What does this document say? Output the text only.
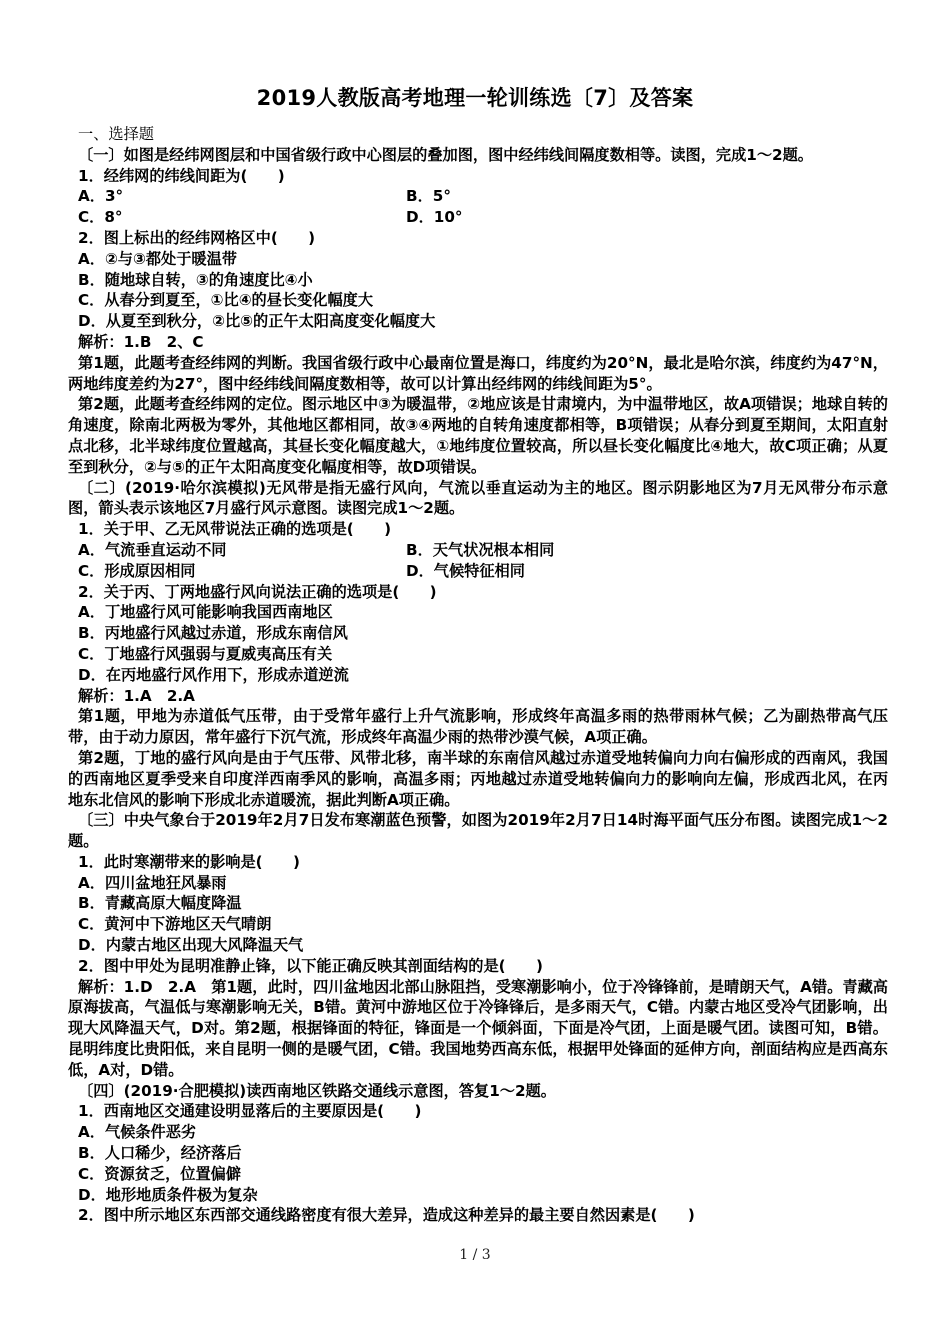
2019人教版高考地理一轮训练选〔7〕及答案
一、选择题
〔一〕如图是经纬网图层和中国省级行政中心图层的叠加图，图中经纬线间隔度数相等。读图，完成1～2题。
1．经纬网的纬线间距为(　　)
A．3°	B．5°
C．8°	D．10°
2．图上标出的经纬网格区中(　　)
A．②与③都处于暖温带
B．随地球自转，③的角速度比④小
C．从春分到夏至，①比④的昼长变化幅度大
D．从夏至到秋分，②比⑤的正午太阳高度变化幅度大
解析：1.B　2、C
第1题，此题考查经纬网的判断。我国省级行政中心最南位置是海口，纬度约为20°N，最北是哈尔滨，纬度约为47°N，两地纬度差约为27°，图中经纬线间隔度数相等，故可以计算出经纬网的纬线间距为5°。
第2题，此题考查经纬网的定位。图示地区中③为暖温带，②地应该是甘肃境内，为中温带地区，故A项错误；地球自转的角速度，除南北两极为零外，其他地区都相同，故③④两地的自转角速度都相等，B项错误；从春分到夏至期间，太阳直射点北移，北半球纬度位置越高，其昼长变化幅度越大，①地纬度位置较高，所以昼长变化幅度比④地大，故C项正确；从夏至到秋分，②与⑤的正午太阳高度变化幅度相等，故D项错误。
〔二〕(2019·哈尔滨模拟)无风带是指无盛行风向，气流以垂直运动为主的地区。图示阴影地区为7月无风带分布示意图，箭头表示该地区7月盛行风示意图。读图完成1～2题。
1．关于甲、乙无风带说法正确的选项是(　　)
A．气流垂直运动不同	B．天气状况根本相同
C．形成原因相同	D．气候特征相同
2．关于丙、丁两地盛行风向说法正确的选项是(　　)
A．丁地盛行风可能影响我国西南地区
B．丙地盛行风越过赤道，形成东南信风
C．丁地盛行风强弱与夏威夷高压有关
D．在丙地盛行风作用下，形成赤道逆流
解析：1.A　2.A
第1题，甲地为赤道低气压带，由于受常年盛行上升气流影响，形成终年高温多雨的热带雨林气候；乙为副热带高气压带，由于动力原因，常年盛行下沉气流，形成终年高温少雨的热带沙漠气候，A项正确。
第2题，丁地的盛行风向是由于气压带、风带北移，南半球的东南信风越过赤道受地转偏向力向右偏形成的西南风，我国的西南地区夏季受来自印度洋西南季风的影响，高温多雨；丙地越过赤道受地转偏向力的影响向左偏，形成西北风，在丙地东北信风的影响下形成北赤道暖流，据此判断A项正确。
〔三〕中央气象台于2019年2月7日发布寒潮蓝色预警，如图为2019年2月7日14时海平面气压分布图。读图完成1～2题。
1．此时寒潮带来的影响是(　　)
A．四川盆地狂风暴雨
B．青藏高原大幅度降温
C．黄河中下游地区天气晴朗
D．内蒙古地区出现大风降温天气
2．图中甲处为昆明准静止锋，以下能正确反映其剖面结构的是(　　)
解析：1.D　2.A　第1题，此时，四川盆地因北部山脉阻挡，受寒潮影响小，位于冷锋锋前，是晴朗天气，A错。青藏高原海拔高，气温低与寒潮影响无关，B错。黄河中游地区位于冷锋锋后，是多雨天气，C错。内蒙古地区受冷气团影响，出现大风降温天气，D对。第2题，根据锋面的特征，锋面是一个倾斜面，下面是冷气团，上面是暖气团。读图可知，B错。昆明纬度比贵阳低，来自昆明一侧的是暖气团，C错。我国地势西高东低，根据甲处锋面的延伸方向，剖面结构应是西高东低，A对，D错。
〔四〕(2019·合肥模拟)读西南地区铁路交通线示意图，答复1～2题。
1．西南地区交通建设明显落后的主要原因是(　　)
A．气候条件恶劣
B．人口稀少，经济落后
C．资源贫乏，位置偏僻
D．地形地质条件极为复杂
2．图中所示地区东西部交通线路密度有很大差异，造成这种差异的最主要自然因素是(　　)
1 / 3
